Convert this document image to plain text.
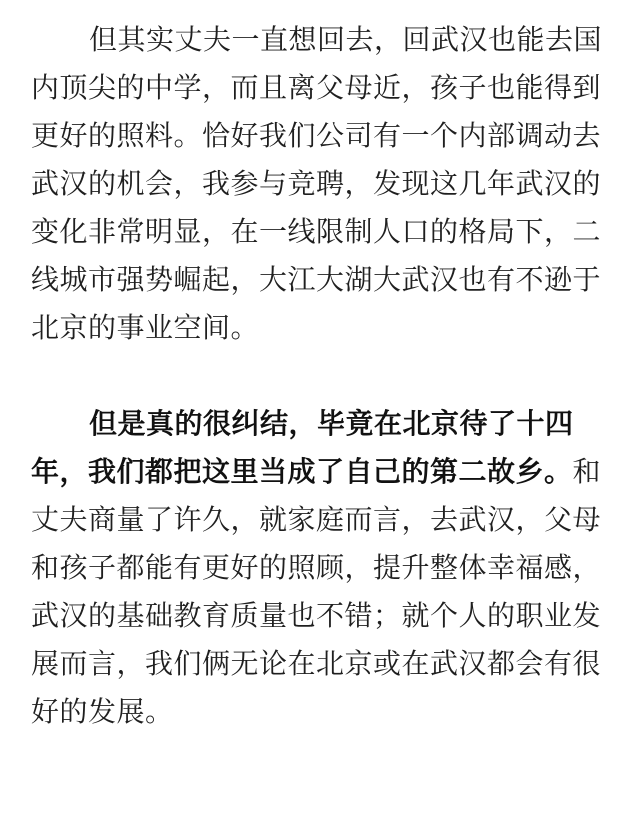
但其实丈夫一直想回去，回武汉也能去国内顶尖的中学，而且离父母近，孩子也能得到更好的照料。恰好我们公司有一个内部调动去武汉的机会，我参与竞聘，发现这几年武汉的变化非常明显，在一线限制人口的格局下，二线城市强势崛起，大江大湖大武汉也有不逊于北京的事业空间。

但是真的很纠结，毕竟在北京待了十四年，我们都把这里当成了自己的第二故乡。和丈夫商量了许久，就家庭而言，去武汉，父母和孩子都能有更好的照顾，提升整体幸福感，武汉的基础教育质量也不错；就个人的职业发展而言，我们俩无论在北京或在武汉都会有很好的发展。
